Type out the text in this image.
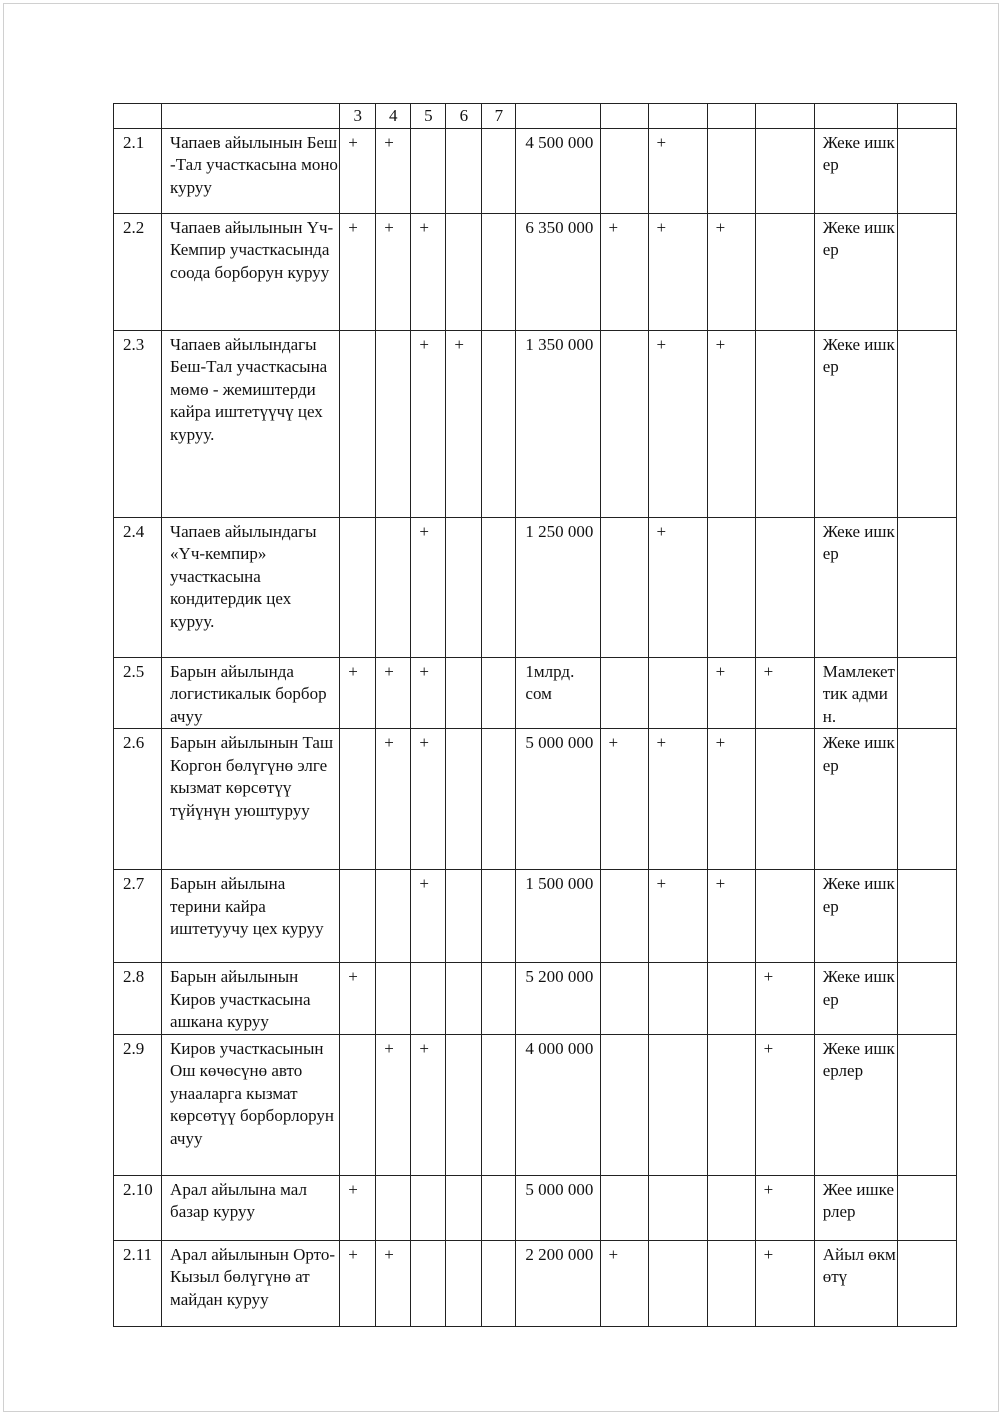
		3	4	5	6	7							
2.1	Чапаев айылынын Беш -Тал участкасына моно куруу	+	+				4 500 000		+			Жеке ишкер	
2.2	Чапаев айылынын Үч- Кемпир участкасында соода борборун куруу	+	+	+			6 350 000	+	+	+		Жеке ишкер	
2.3	Чапаев айылындагы Беш-Тал участкасына мөмө - жемиштерди кайра иштетүүчү цех куруу.			+	+		1 350 000		+	+		Жеке ишкер	
2.4	Чапаев айылындагы «Үч-кемпир» участкасына кондитердик цех куруу.			+			1 250 000		+			Жеке ишкер	
2.5	Барын айылында логистикалык борбор ачуу	+	+	+			1млрд. сом			+	+	Мамлекеттик админ.	
2.6	Барын айылынын Таш Коргон бөлүгүнө элге кызмат көрсөтүү түйүнүн уюштуруу		+	+			5 000 000	+	+	+		Жеке ишкер	
2.7	Барын айылына терини кайра иштетуучу цех куруу			+			1 500 000		+	+		Жеке ишкер	
2.8	Барын айылынын Киров участкасына ашкана куруу	+					5 200 000				+	Жеке ишкер	
2.9	Киров участкасынын Ош көчөсүнө авто унааларга кызмат көрсөтүү борборлорун ачуу		+	+			4 000 000				+	Жеке ишкерлер	
2.10	Арал айылына мал базар куруу	+					5 000 000				+	Жее ишкерлер	
2.11	Арал айылынын Орто- Кызыл бөлүгүнө ат майдан куруу	+	+				2 200 000	+			+	Айыл өкмөтү	
